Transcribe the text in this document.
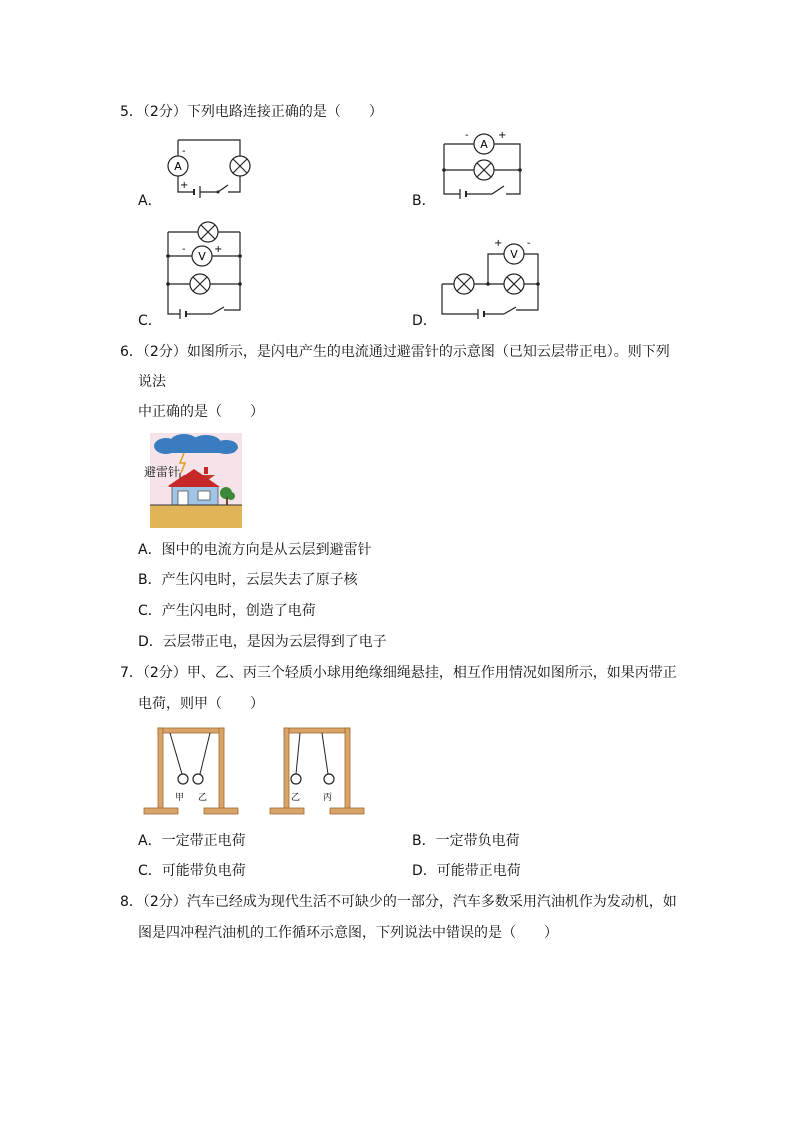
5．（2分）下列电路连接正确的是（　　）
A．
A
-
+
B．
A
-	+
C．
V
-	+
D．
V
+ -
6．（2分）如图所示，是闪电产生的电流通过避雷针的示意图（已知云层带正电）。则下列
说法
中正确的是（　　）
避雷针
A．图中的电流方向是从云层到避雷针
B．产生闪电时，云层失去了原子核
C．产生闪电时，创造了电荷
D．云层带正电，是因为云层得到了电子
7．（2分）甲、乙、丙三个轻质小球用绝缘细绳悬挂，相互作用情况如图所示，如果丙带正
电荷，则甲（　　）
甲 乙	乙	丙
A．一定带正电荷	B．一定带负电荷
C．可能带负电荷	D．可能带正电荷
8．（2分）汽车已经成为现代生活不可缺少的一部分，汽车多数采用汽油机作为发动机，如
图是四冲程汽油机的工作循环示意图，下列说法中错误的是（　　）
